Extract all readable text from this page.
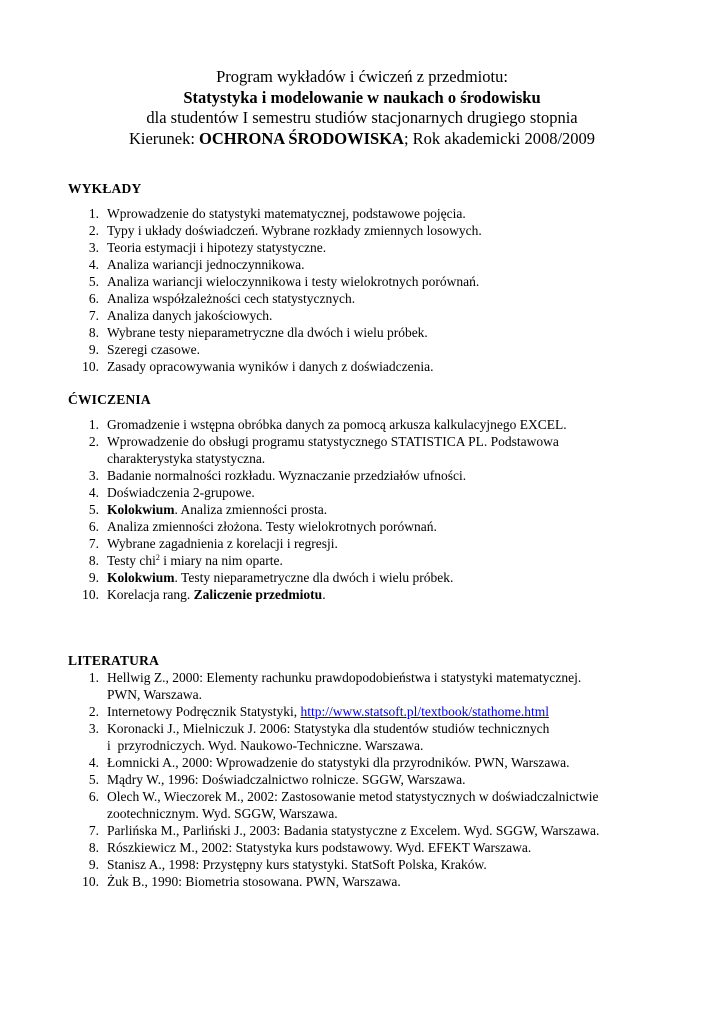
Program wykładów i ćwiczeń z przedmiotu:
Statystyka i modelowanie w naukach o środowisku
dla studentów I semestru studiów stacjonarnych drugiego stopnia
Kierunek: OCHRONA ŚRODOWISKA; Rok akademicki 2008/2009
WYKŁADY
1. Wprowadzenie do statystyki matematycznej, podstawowe pojęcia.
2. Typy i układy doświadczeń. Wybrane rozkłady zmiennych losowych.
3. Teoria estymacji i hipotezy statystyczne.
4. Analiza wariancji jednoczynnikowa.
5. Analiza wariancji wieloczynnikowa i testy wielokrotnych porównań.
6. Analiza współzależności cech statystycznych.
7. Analiza danych jakościowych.
8. Wybrane testy nieparametryczne dla dwóch i wielu próbek.
9. Szeregi czasowe.
10. Zasady opracowywania wyników i danych z doświadczenia.
ĆWICZENIA
1. Gromadzenie i wstępna obróbka danych za pomocą arkusza kalkulacyjnego EXCEL.
2. Wprowadzenie do obsługi programu statystycznego STATISTICA PL. Podstawowa
charakterystyka statystyczna.
3. Badanie normalności rozkładu. Wyznaczanie przedziałów ufności.
4. Doświadczenia 2-grupowe.
5. Kolokwium. Analiza zmienności prosta.
6. Analiza zmienności złożona. Testy wielokrotnych porównań.
7. Wybrane zagadnienia z korelacji i regresji.
8. Testy chi$^2$ i miary na nim oparte.
9. Kolokwium. Testy nieparametryczne dla dwóch i wielu próbek.
10. Korelacja rang. Zaliczenie przedmiotu.
LITERATURA
1. Hellwig Z., 2000: Elementy rachunku prawdopodobieństwa i statystyki matematycznej.
PWN, Warszawa.
2. Internetowy Podręcznik Statystyki, http://www.statsoft.pl/textbook/stathome.html
3. Koronacki J., Mielniczuk J. 2006: Statystyka dla studentów studiów technicznych
i  przyrodniczych. Wyd. Naukowo-Techniczne. Warszawa.
4. Łomnicki A., 2000: Wprowadzenie do statystyki dla przyrodników. PWN, Warszawa.
5. Mądry W., 1996: Doświadczalnictwo rolnicze. SGGW, Warszawa.
6. Olech W., Wieczorek M., 2002: Zastosowanie metod statystycznych w doświadczalnictwie
zootechnicznym. Wyd. SGGW, Warszawa.
7. Parlińska M., Parliński J., 2003: Badania statystyczne z Excelem. Wyd. SGGW, Warszawa.
8. Rószkiewicz M., 2002: Statystyka kurs podstawowy. Wyd. EFEKT Warszawa.
9. Stanisz A., 1998: Przystępny kurs statystyki. StatSoft Polska, Kraków.
10. Żuk B., 1990: Biometria stosowana. PWN, Warszawa.
